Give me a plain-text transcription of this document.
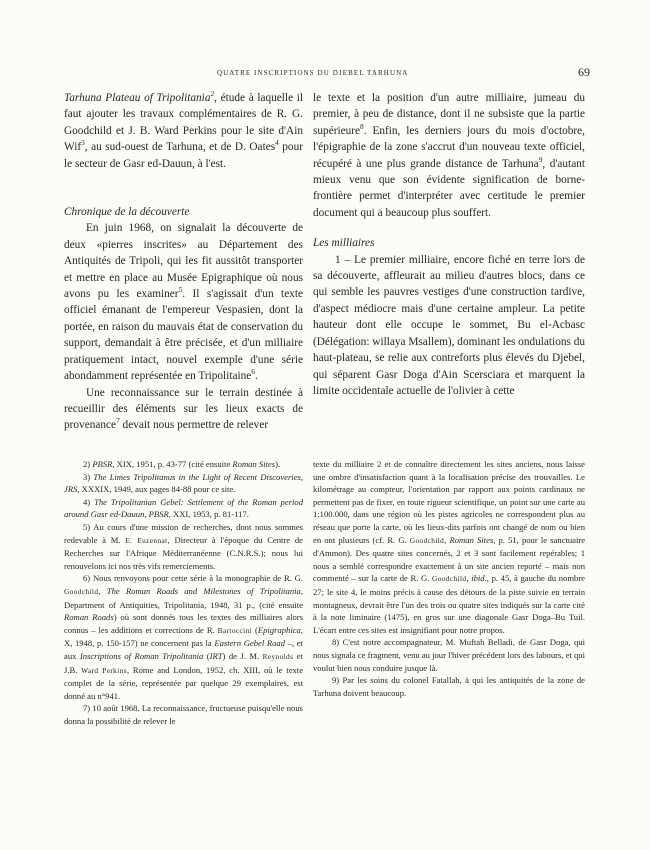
QUATRE INSCRIPTIONS DU DJEBEL TARHUNA	69

Tarhuna Plateau of Tripolitania$^2$, étude à laquelle il faut ajouter les travaux complémentaires de R. G. Goodchild et J. B. Ward Perkins pour le site d'Ain Wif$^3$, au sud-ouest de Tarhuna, et de D. Oates$^4$ pour le secteur de Gasr ed-Dauun, à l'est.

Chronique de la découverte

En juin 1968, on signalait la découverte de deux «pierres inscrites» au Département des Antiquités de Tripoli, qui les fit aussitôt transporter et mettre en place au Musée Epigraphique où nous avons pu les examiner$^5$. Il s'agissait d'un texte officiel émanant de l'empereur Vespasien, dont la portée, en raison du mauvais état de conservation du support, demandait à être précisée, et d'un milliaire pratiquement intact, nouvel exemple d'une série abondamment représentée en Tripolitaine$^6$.

Une reconnaissance sur le terrain destinée à recueillir des éléments sur les lieux exacts de provenance$^7$ devait nous permettre de relever

le texte et la position d'un autre milliaire, jumeau du premier, à peu de distance, dont il ne subsiste que la partie supérieure$^8$. Enfin, les derniers jours du mois d'octobre, l'épigraphie de la zone s'accrut d'un nouveau texte officiel, récupéré à une plus grande distance de Tarhuna$^9$, d'autant mieux venu que son évidente signification de borne-frontière permet d'interpréter avec certitude le premier document qui a beaucoup plus souffert.

Les milliaires

1 – Le premier milliaire, encore fiché en terre lors de sa découverte, affleurait au milieu d'autres blocs, dans ce qui semble les pauvres vestiges d'une construction tardive, d'aspect médiocre mais d'une certaine ampleur. La petite hauteur dont elle occupe le sommet, Bu el-Acbasc (Délégation: willaya Msallem), dominant les ondulations du haut-plateau, se relie aux contreforts plus élevés du Djebel, qui séparent Gasr Doga d'Ain Scersciara et marquent la limite occidentale actuelle de l'olivier à cette

2) PBSR, XIX, 1951, p. 43-77 (cité ensuite Roman Sites).

3) The Limes Tripolitanus in the Light of Recent Discoveries, JRS, XXXIX, 1949, aux pages 84-88 pour ce site.

4) The Tripolitanian Gebel: Settlement of the Roman period around Gasr ed-Dauun, PBSR, XXI, 1953, p. 81-117.

5) Au cours d'une mission de recherches, dont nous sommes redevable à M. E. Euzennat, Directeur à l'époque du Centre de Recherches sur l'Afrique Méditerranéenne (C.N.R.S.); nous lui renouvelons ici nos très vifs remerciements.

6) Nous renvoyons pour cette série à la monographie de R. G. Goodchild, The Roman Roads and Milestones of Tripolitania, Department of Antiquities, Tripolitania, 1948, 31 p., (cité ensuite Roman Roads) où sont donnés tous les textes des milliaires alors connus – les additions et corrections de R. Bartoccini (Epigraphica, X, 1948, p. 150-157) ne concernent pas la Eastern Gebel Road –, et aux Inscriptions of Roman Tripolitania (IRT) de J. M. Reynolds et J.B. Ward Perkins, Rome and London, 1952, ch. XIII, où le texte complet de la série, représentée par quelque 29 exemplaires, est donné au n°941.

7) 10 août 1968. La reconnaissance, fructueuse puisqu'elle nous donna la possibilité de relever le

texte du milliaire 2 et de connaître directement les sites anciens, nous laisse une ombre d'insatisfaction quant à la localisation précise des trouvailles. Le kilométrage au compteur, l'orientation par rapport aux points cardinaux ne permettent pas de fixer, en toute rigueur scientifique, un point sur une carte au 1:100.000, dans une région où les pistes agricoles ne correspondent plus au réseau que porte la carte, où les lieux-dits parfois ont changé de nom ou bien en ont plusieurs (cf. R. G. Goodchild, Roman Sites, p. 51, pour le sanctuaire d'Ammon). Des quatre sites concernés, 2 et 3 sont facilement repérables; 1 nous a semblé correspondre exactement à un site ancien reporté – mais non commenté – sur la carte de R. G. Goodchild, ibid., p. 45, à gauche du nombre 27; le site 4, le moins précis à cause des détours de la piste suivie en terrain montagneux, devrait être l'un des trois ou quatre sites indiqués sur la carte cité à la note liminaire (1475), en gros sur une diagonale Gasr Doga–Bu Tuil. L'écart entre ces sites est insignifiant pour notre propos.

8) C'est notre accompagnateur, M. Muftah Belladi, de Gasr Doga, qui nous signala ce fragment, venu au jour l'hiver précédent lors des labours, et qui voulut bien nous conduire jusque là.

9) Par les soins du colonel Fatallah, à qui les antiquités de la zone de Tarhuna doivent beaucoup.
